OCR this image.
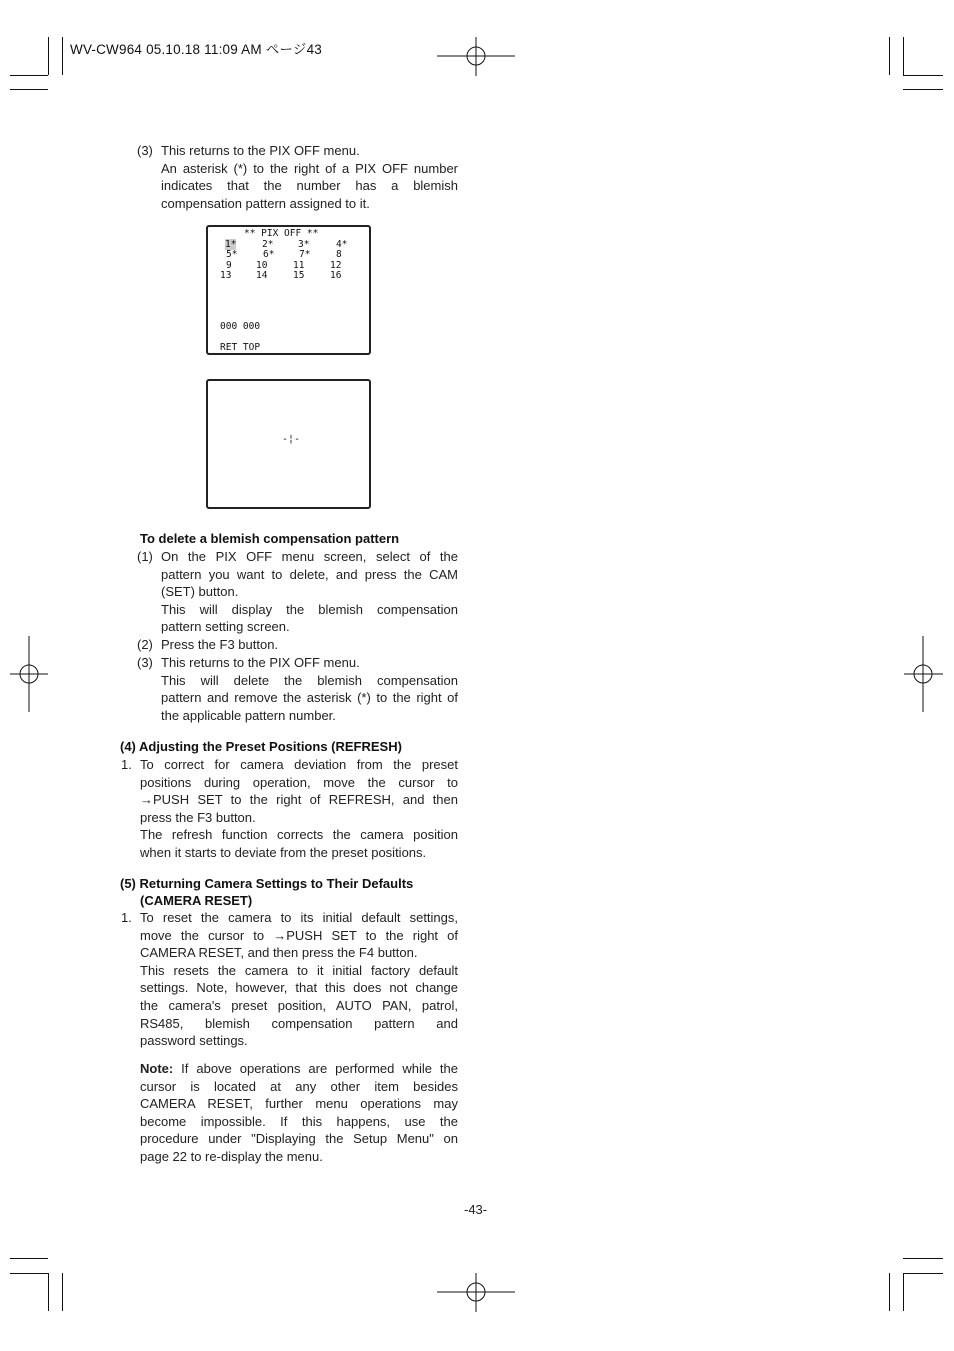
WV-CW964 05.10.18 11:09 AM ページ43
(3) This returns to the PIX OFF menu.
An asterisk (*) to the right of a PIX OFF number
indicates that the number has a blemish
compensation pattern assigned to it.
** PIX OFF **
1*	2*	3*	4*
5*	6*	7*	8
9	10	11	12
13	14	15	16
000 000
RET TOP
-¦-
To delete a blemish compensation pattern
(1) On the PIX OFF menu screen, select of the
pattern you want to delete, and press the CAM
(SET) button.
This will display the blemish compensation
pattern setting screen.
(2) Press the F3 button.
(3) This returns to the PIX OFF menu.
This will delete the blemish compensation
pattern and remove the asterisk (*) to the right of
the applicable pattern number.
(4) Adjusting the Preset Positions (REFRESH)
1. To correct for camera deviation from the preset
positions during operation, move the cursor to
→PUSH SET to the right of REFRESH, and then
press the F3 button.
The refresh function corrects the camera position
when it starts to deviate from the preset positions.
(5) Returning Camera Settings to Their Defaults
(CAMERA RESET)
1. To reset the camera to its initial default settings,
move the cursor to →PUSH SET to the right of
CAMERA RESET, and then press the F4 button.
This resets the camera to it initial factory default
settings. Note, however, that this does not change
the camera's preset position, AUTO PAN, patrol,
RS485, blemish compensation pattern and
password settings.
Note: If above operations are performed while the
cursor is located at any other item besides
CAMERA RESET, further menu operations may
become impossible. If this happens, use the
procedure under "Displaying the Setup Menu" on
page 22 to re-display the menu.
-43-
